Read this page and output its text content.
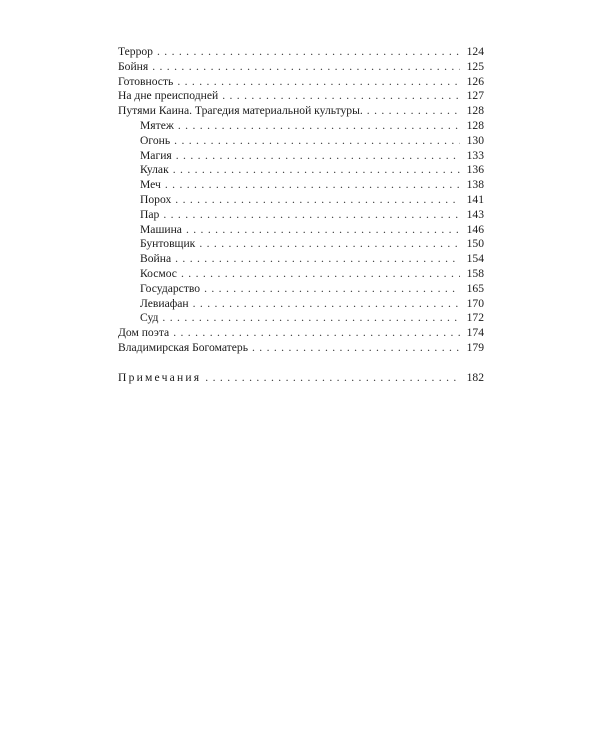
Террор . . .	124
Бойня . . .	125
Готовность . . .	126
На дне преисподней . . .	127
Путями Каина. Трагедия материальной культуры. . . .	128
Мятеж . . .	128
Огонь . . .	130
Магия . . .	133
Кулак . . .	136
Меч . . .	138
Порох . . .	141
Пар . . .	143
Машина . . .	146
Бунтовщик . . .	150
Война . . .	154
Космос . . .	158
Государство . . .	165
Левиафан . . .	170
Суд . . .	172
Дом поэта . . .	174
Владимирская Богоматерь . . .	179
Примечания . . .	182
